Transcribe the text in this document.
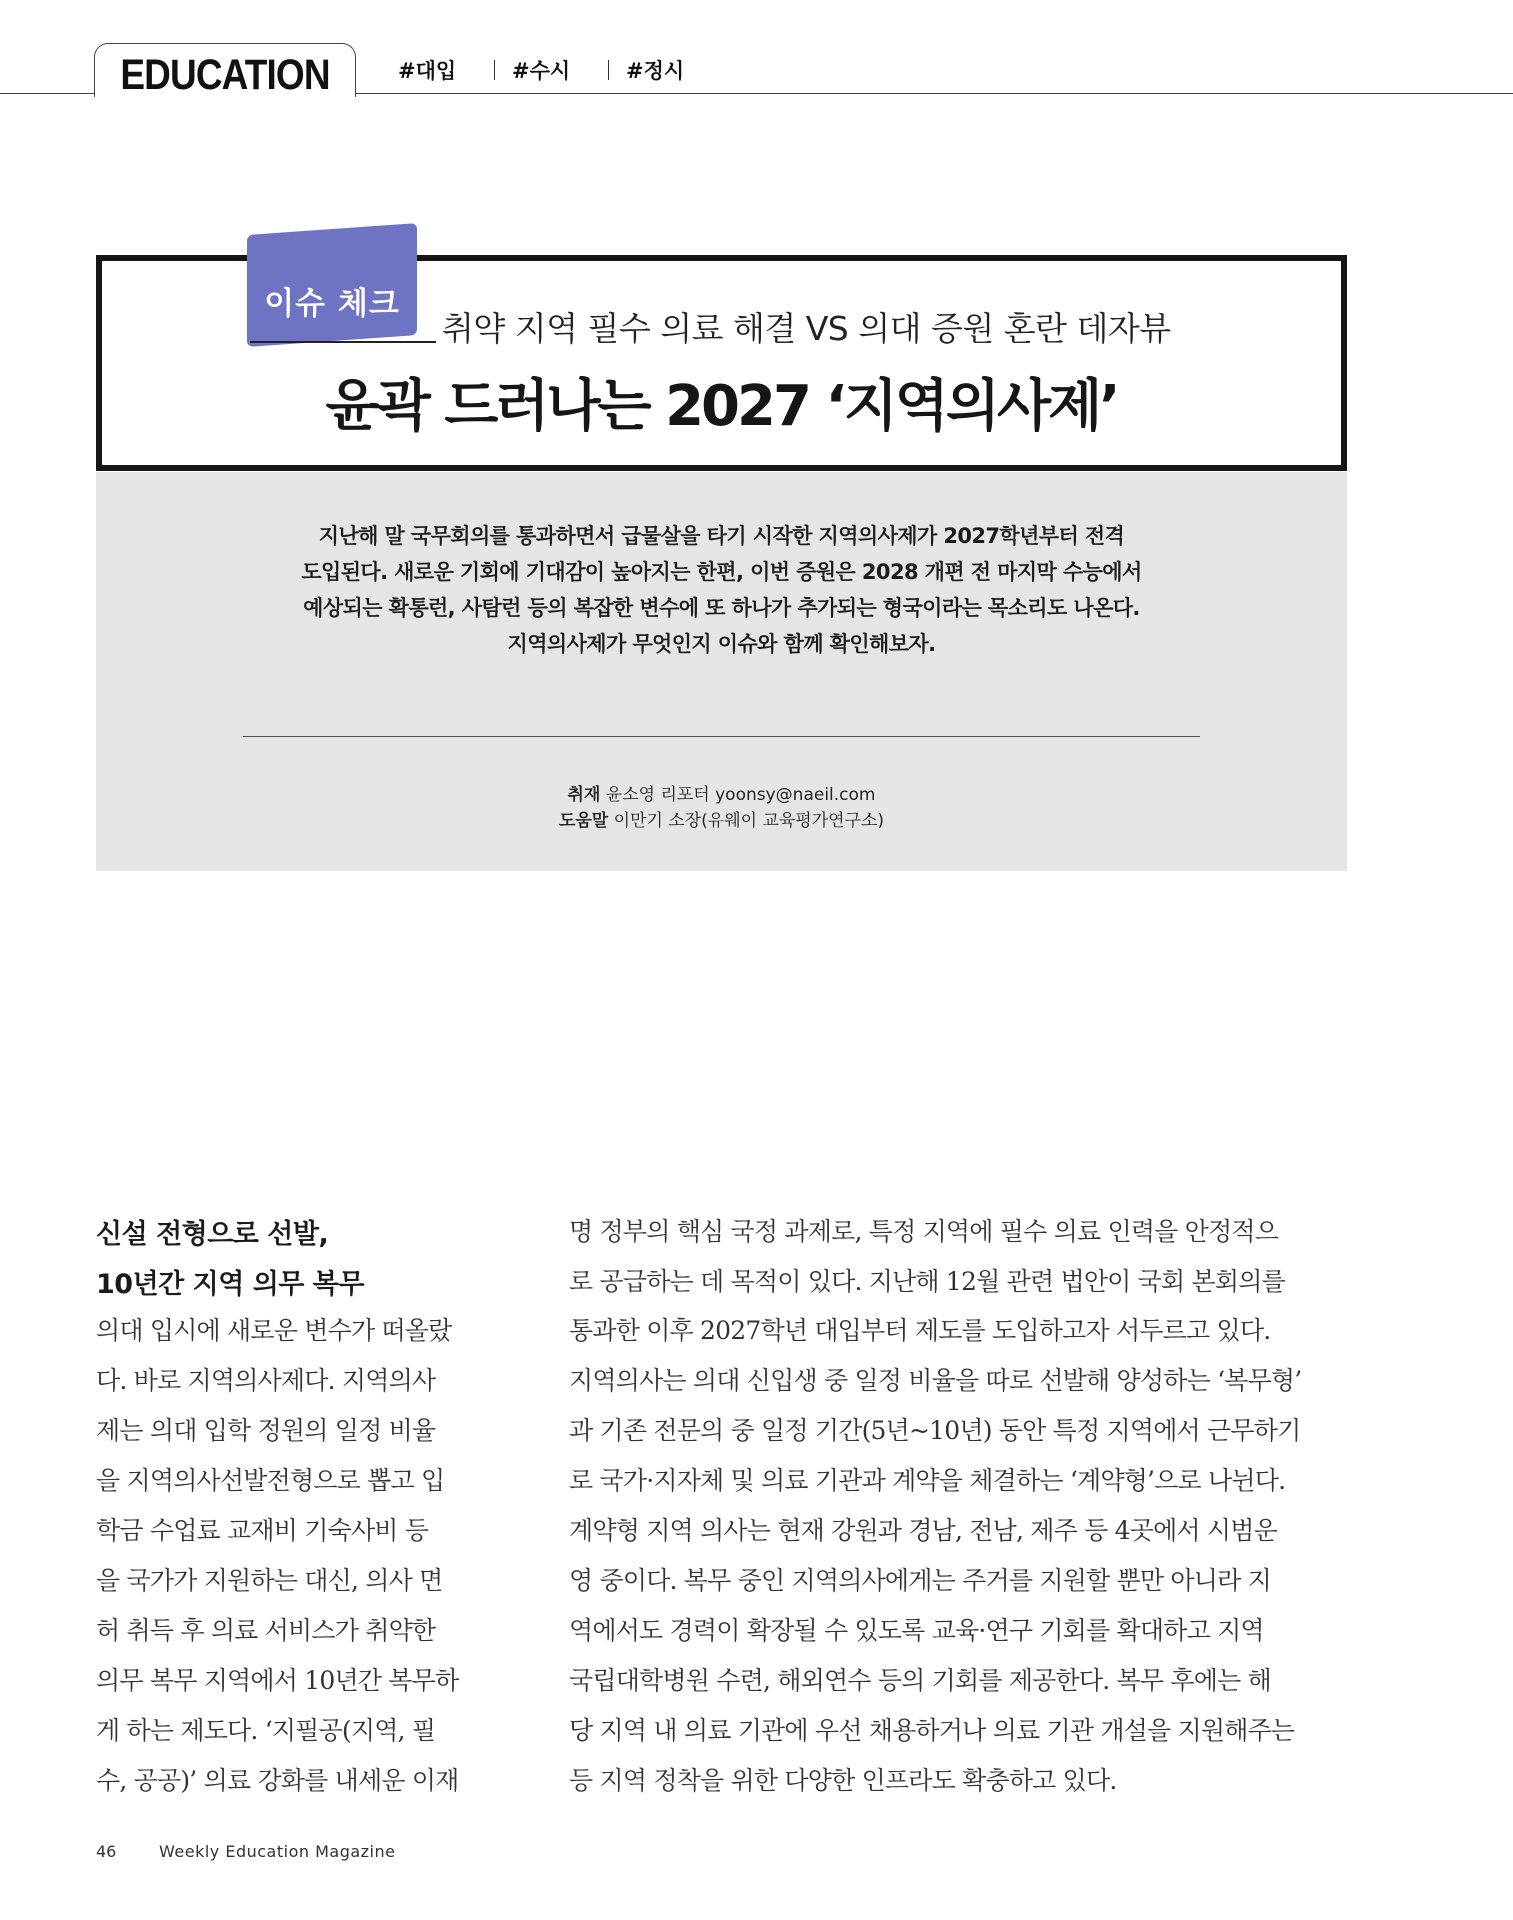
EDUCATION	#대입	#수시	#정시
이슈 체크
취약 지역 필수 의료 해결 VS 의대 증원 혼란 데자뷰
윤곽 드러나는 2027 ‘지역의사제’
지난해 말 국무회의를 통과하면서 급물살을 타기 시작한 지역의사제가 2027학년부터 전격
도입된다. 새로운 기회에 기대감이 높아지는 한편, 이번 증원은 2028 개편 전 마지막 수능에서
예상되는 확통런, 사탐런 등의 복잡한 변수에 또 하나가 추가되는 형국이라는 목소리도 나온다.
지역의사제가 무엇인지 이슈와 함께 확인해보자.
취재 윤소영 리포터 yoonsy@naeil.com
도움말 이만기 소장(유웨이 교육평가연구소)
신설 전형으로 선발,
10년간 지역 의무 복무
의대 입시에 새로운 변수가 떠올랐
다. 바로 지역의사제다. 지역의사
제는 의대 입학 정원의 일정 비율
을 지역의사선발전형으로 뽑고 입
학금 수업료 교재비 기숙사비 등
을 국가가 지원하는 대신, 의사 면
허 취득 후 의료 서비스가 취약한
의무 복무 지역에서 10년간 복무하
게 하는 제도다. ‘지필공(지역, 필
수, 공공)’ 의료 강화를 내세운 이재
명 정부의 핵심 국정 과제로, 특정 지역에 필수 의료 인력을 안정적으
로 공급하는 데 목적이 있다. 지난해 12월 관련 법안이 국회 본회의를
통과한 이후 2027학년 대입부터 제도를 도입하고자 서두르고 있다.
지역의사는 의대 신입생 중 일정 비율을 따로 선발해 양성하는 ‘복무형’
과 기존 전문의 중 일정 기간(5년~10년) 동안 특정 지역에서 근무하기
로 국가·지자체 및 의료 기관과 계약을 체결하는 ‘계약형’으로 나뉜다.
계약형 지역 의사는 현재 강원과 경남, 전남, 제주 등 4곳에서 시범운
영 중이다. 복무 중인 지역의사에게는 주거를 지원할 뿐만 아니라 지
역에서도 경력이 확장될 수 있도록 교육·연구 기회를 확대하고 지역
국립대학병원 수련, 해외연수 등의 기회를 제공한다. 복무 후에는 해
당 지역 내 의료 기관에 우선 채용하거나 의료 기관 개설을 지원해주는
등 지역 정착을 위한 다양한 인프라도 확충하고 있다.
46	Weekly Education Magazine
